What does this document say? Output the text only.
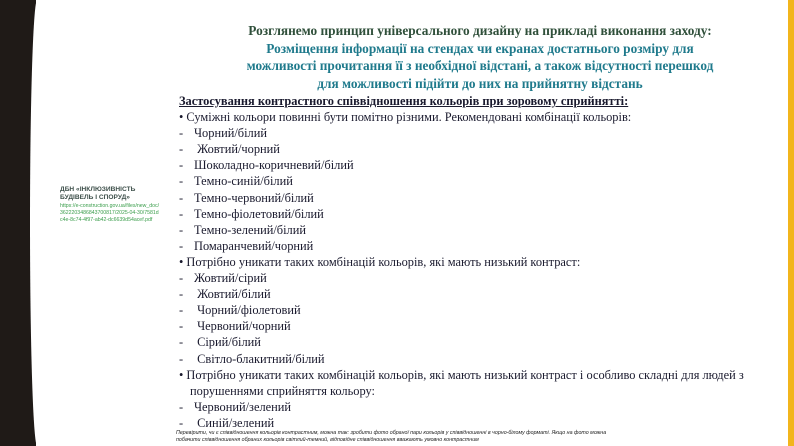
ДБН «ІНКЛЮЗИВНІСТЬ БУДІВЕЛЬ І СПОРУД»
https://e-construction.gov.ua/files/new_doc/3622203486843700817/2025-04-30/7581dc4e-8c74-4f97-ab42-dc6639d54acef.pdf
Розглянемо принцип універсального дизайну на прикладі виконання заходу:
Розміщення інформації на стендах чи екранах достатнього розміру для
можливості прочитання її з необхідної відстані, а також відсутності перешкод
для можливості підійти до них на прийнятну відстань
Застосування контрастного співвідношення кольорів при зоровому сприйнятті:
• Суміжні кольори повинні бути помітно різними. Рекомендовані комбінації кольорів:
- Чорний/білий
- Жовтий/чорний
- Шоколадно-коричневий/білий
- Темно-синій/білий
- Темно-червоний/білий
- Темно-фіолетовий/білий
- Темно-зелений/білий
- Помаранчевий/чорний
• Потрібно уникати таких комбінацій кольорів, які мають низький контраст:
- Жовтий/сірий
- Жовтий/білий
- Чорний/фіолетовий
- Червоний/чорний
- Сірий/білий
- Світло-блакитний/білий
• Потрібно уникати таких комбінацій кольорів, які мають низький контраст і особливо складні для людей з
порушеннями сприйняття кольору:
- Червоний/зелений
- Синій/зелений
Перевірити, чи є співвідношення кольорів контрастним, можна так: зробити фото обраної пари кольорів у співвідношенні в чорно-білому форматі. Якщо на фото можна
побачити співвідношення обраних кольорів світлий-темний, відповідне співвідношення вважають умовно контрастним
